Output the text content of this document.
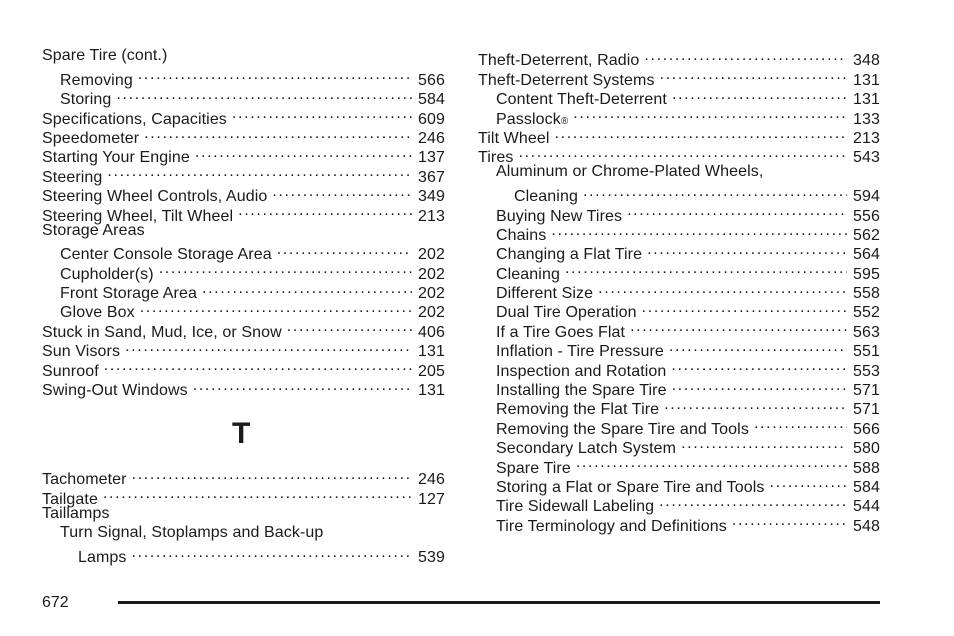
Spare Tire (cont.)
Removing . . .	566
Storing . . .	584
Specifications, Capacities . . .	609
Speedometer . . .	246
Starting Your Engine . . .	137
Steering . . .	367
Steering Wheel Controls, Audio . . .	349
Steering Wheel, Tilt Wheel . . .	213
Storage Areas
Center Console Storage Area . . .	202
Cupholder(s) . . .	202
Front Storage Area . . .	202
Glove Box . . .	202
Stuck in Sand, Mud, Ice, or Snow . . .	406
Sun Visors . . .	131
Sunroof . . .	205
Swing-Out Windows . . .	131
T
Tachometer . . .	246
Tailgate . . .	127
Taillamps
Turn Signal, Stoplamps and Back-up
Lamps . . .	539
Theft-Deterrent, Radio . . .	348
Theft-Deterrent Systems . . .	131
Content Theft-Deterrent . . .	131
Passlock ® . . .	133
Tilt Wheel . . .	213
Tires . . .	543
Aluminum or Chrome-Plated Wheels,
Cleaning . . .	594
Buying New Tires . . .	556
Chains . . .	562
Changing a Flat Tire . . .	564
Cleaning . . .	595
Different Size . . .	558
Dual Tire Operation . . .	552
If a Tire Goes Flat . . .	563
Inflation - Tire Pressure . . .	551
Inspection and Rotation . . .	553
Installing the Spare Tire . . .	571
Removing the Flat Tire . . .	571
Removing the Spare Tire and Tools . . .	566
Secondary Latch System . . .	580
Spare Tire . . .	588
Storing a Flat or Spare Tire and Tools . . .	584
Tire Sidewall Labeling . . .	544
Tire Terminology and Definitions . . .	548
672
